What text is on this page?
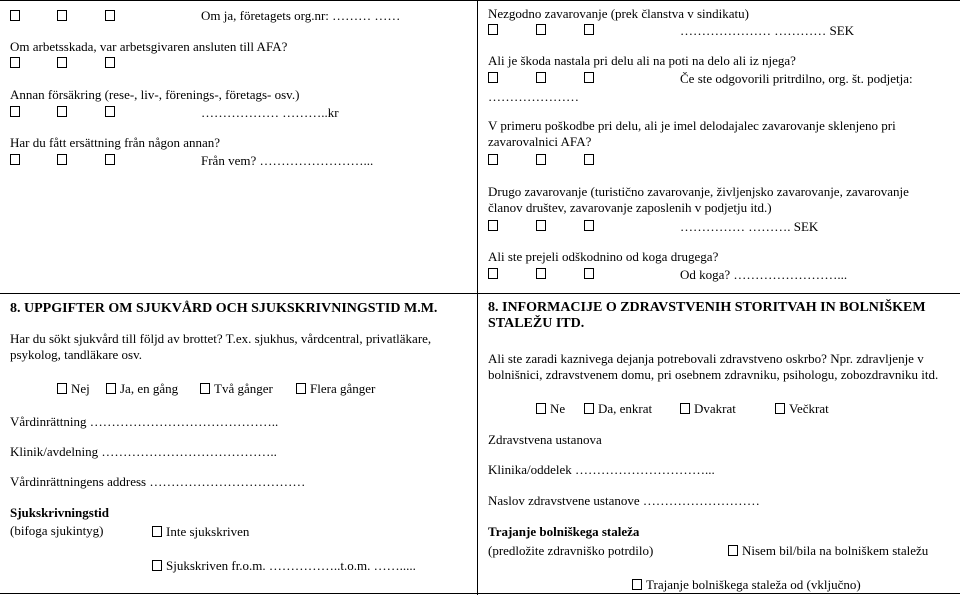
Om ja, företagets org.nr: ……… ……
Om arbetsskada, var arbetsgivaren ansluten till AFA?
Annan försäkring (rese-, liv-, förenings-, företags- osv.)
……………… ………..kr
Har du fått ersättning från någon annan?
Från vem? ……………………...
Nezgodno zavarovanje (prek članstva v sindikatu)
………………… ………… SEK
Ali je škoda nastala pri delu ali na poti na delo ali iz njega?
Če ste odgovorili pritrdilno, org. št. podjetja:
…………………
V primeru poškodbe pri delu, ali je imel delodajalec zavarovanje sklenjeno pri zavarovalnici AFA?
Drugo zavarovanje (turistično zavarovanje, življenjsko zavarovanje, zavarovanje članov društev, zavarovanje zaposlenih v podjetju itd.)
…………… ………. SEK
Ali ste prejeli odškodnino od koga drugega?
Od koga? ……………………...
8. UPPGIFTER OM SJUKVÅRD OCH SJUKSKRIVNINGSTID M.M.
Har du sökt sjukvård till följd av brottet? T.ex. sjukhus, vårdcentral, privatläkare, psykolog, tandläkare osv.
Nej	Ja, en gång	Två gånger	Flera gånger
Vårdinrättning ……………………………………..
Klinik/avdelning …………………………………..
Vårdinrättningens address ………………………………
Sjukskrivningstid
(bifoga sjukintyg)	Inte sjukskriven
Sjukskriven fr.o.m. ……………..t.o.m. …….....
8. INFORMACIJE O ZDRAVSTVENIH STORITVAH IN BOLNIŠKEM STALEŽU ITD.
Ali ste zaradi kaznivega dejanja potrebovali zdravstveno oskrbo? Npr. zdravljenje v bolnišnici, zdravstvenem domu, pri osebnem zdravniku, psihologu, zobozdravniku itd.
Ne	Da, enkrat	Dvakrat	Večkrat
Zdravstvena ustanova
Klinika/oddelek …………………………...
Naslov zdravstvene ustanove ………………………
Trajanje bolniškega staleža
(predložite zdravniško potrdilo)	Nisem bil/bila na bolniškem staležu
Trajanje bolniškega staleža od (vključno)
